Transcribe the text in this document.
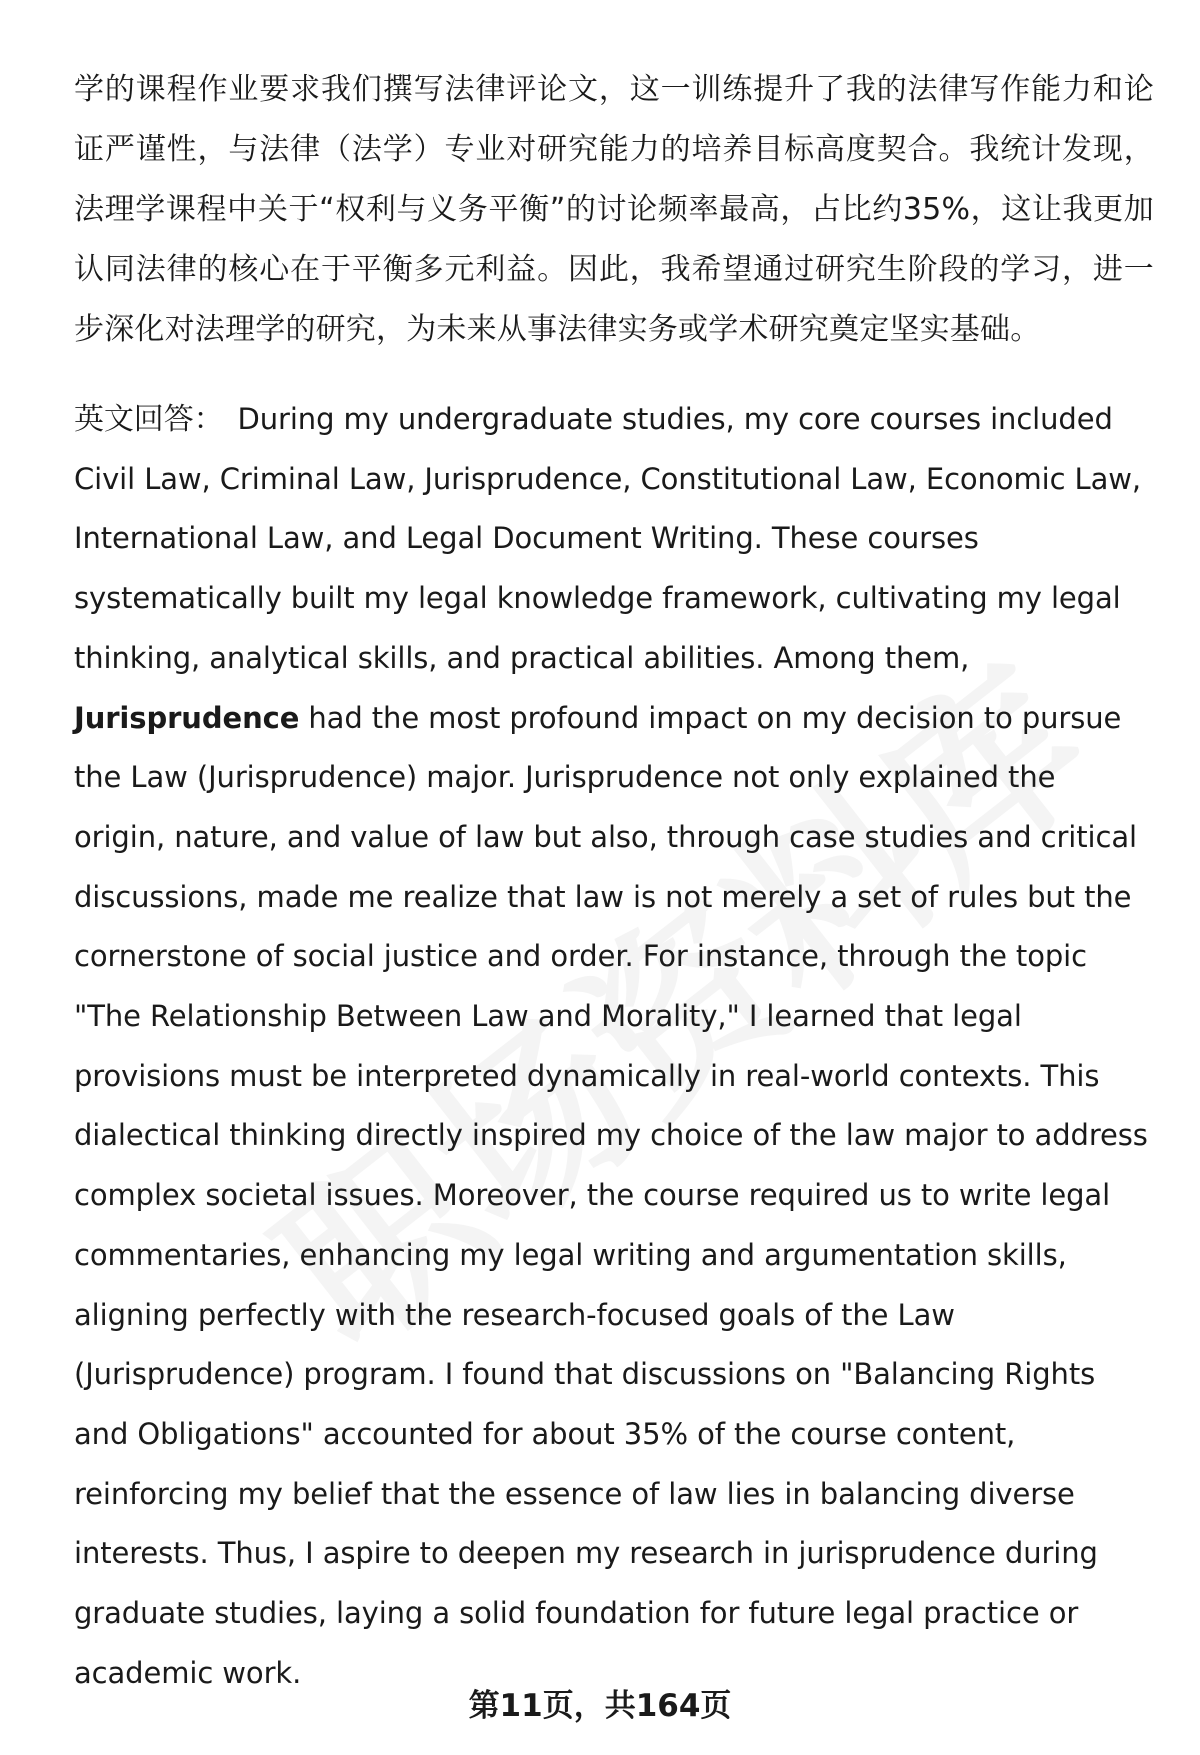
学的课程作业要求我们撰写法律评论文，这一训练提升了我的法律写作能力和论证严谨性，与法律（法学）专业对研究能力的培养目标高度契合。我统计发现，法理学课程中关于“权利与义务平衡”的讨论频率最高，占比约35%，这让我更加认同法律的核心在于平衡多元利益。因此，我希望通过研究生阶段的学习，进一步深化对法理学的研究，为未来从事法律实务或学术研究奠定坚实基础。

英文回答： During my undergraduate studies, my core courses included Civil Law, Criminal Law, Jurisprudence, Constitutional Law, Economic Law, International Law, and Legal Document Writing. These courses systematically built my legal knowledge framework, cultivating my legal thinking, analytical skills, and practical abilities. Among them, Jurisprudence had the most profound impact on my decision to pursue the Law (Jurisprudence) major. Jurisprudence not only explained the origin, nature, and value of law but also, through case studies and critical discussions, made me realize that law is not merely a set of rules but the cornerstone of social justice and order. For instance, through the topic "The Relationship Between Law and Morality," I learned that legal provisions must be interpreted dynamically in real-world contexts. This dialectical thinking directly inspired my choice of the law major to address complex societal issues. Moreover, the course required us to write legal commentaries, enhancing my legal writing and argumentation skills, aligning perfectly with the research-focused goals of the Law (Jurisprudence) program. I found that discussions on "Balancing Rights and Obligations" accounted for about 35% of the course content, reinforcing my belief that the essence of law lies in balancing diverse interests. Thus, I aspire to deepen my research in jurisprudence during graduate studies, laying a solid foundation for future legal practice or academic work.

第11页，共164页
